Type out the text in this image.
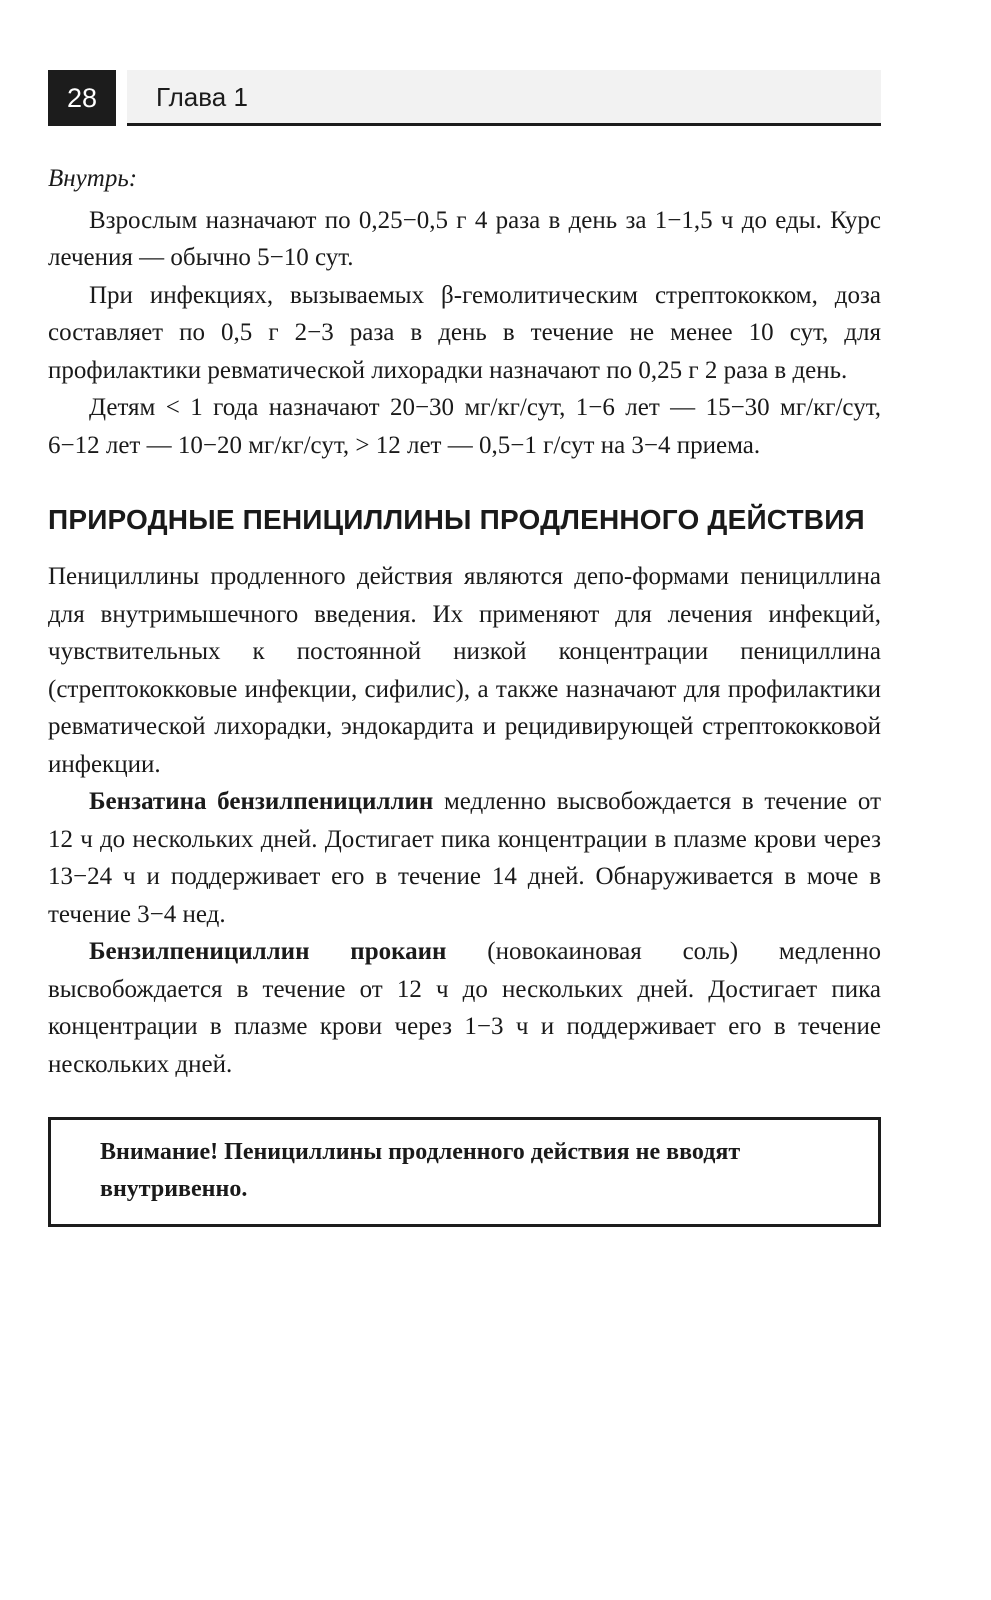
28	Глава 1

Внутрь:

Взрослым назначают по 0,25−0,5 г 4 раза в день за 1−1,5 ч до еды. Курс лечения — обычно 5−10 сут.

При инфекциях, вызываемых β-гемолитическим стрептококком, доза составляет по 0,5 г 2−3 раза в день в течение не менее 10 сут, для профилактики ревматической лихорадки назначают по 0,25 г 2 раза в день.

Детям < 1 года назначают 20−30 мг/кг/сут, 1−6 лет — 15−30 мг/кг/сут, 6−12 лет — 10−20 мг/кг/сут, > 12 лет — 0,5−1 г/сут на 3−4 приема.

ПРИРОДНЫЕ ПЕНИЦИЛЛИНЫ ПРОДЛЕННОГО ДЕЙСТВИЯ

Пенициллины продленного действия являются депо-формами пенициллина для внутримышечного введения. Их применяют для лечения инфекций, чувствительных к постоянной низкой концентрации пенициллина (стрептококковые инфекции, сифилис), а также назначают для профилактики ревматической лихорадки, эндокардита и рецидивирующей стрептококковой инфекции.

Бензатина бензилпенициллин медленно высвобождается в течение от 12 ч до нескольких дней. Достигает пика концентрации в плазме крови через 13−24 ч и поддерживает его в течение 14 дней. Обнаруживается в моче в течение 3−4 нед.

Бензилпенициллин прокаин (новокаиновая соль) медленно высвобождается в течение от 12 ч до нескольких дней. Достигает пика концентрации в плазме крови через 1−3 ч и поддерживает его в течение нескольких дней.

Внимание! Пенициллины продленного действия не вводят внутривенно.
